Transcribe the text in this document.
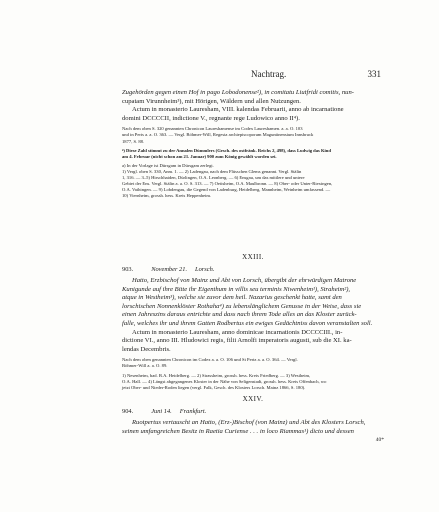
Nachtrag.	331

Zugehörden gegen einen Hof in pago Lobodonense²), in comitatu Liutfridi comitis, nun-

cupatam Virunnheim³), mit Hörigen, Wäldern und allen Nutzungen.

Actum in monasterio Lauresham, VIII. kalendas Februarii, anno ab incarnatione

domini DCCCCII, indictione V., regnante rege Ludowico anno II⁴).

Nach dem oben S. 320 genannten Chronicon Laureshamense im Codex Laureshamen. a. a. O. 103

und in Perts a. a. O. 363. — Vergl. Böhmer-Will, Regesta archiepiscoporum Maguntinensium Innsbruck

1877, S. 88.

⁴) Diese Zahl stimmt zu der Annalen Dümmlers (Gesch. des ostfränk. Reichs 2, 498), dass Ludwig das Kind

am 4. Februar (nicht schon am 21. Januar) 900 zum König gewählt worden sei.

a) In der Vorlage ist Dürsgam in Dürsgam zerlegt.

1) Vergl. oben S. 330, Anm. 1. — 2) Ladengau, nach dem Flüsschen Glems genannt. Vergl. Stälin

1, 316. — 3–5) Hirschhaiden, Dürlingen, O.A. Leonberg. — 6) Ensgau, um das mittlere und untere

Gebiet der Ens. Vergl. Stälin a. a. O. S. 313. — 7) Oetisheim, O.A. Maulbronn. — 8) Ober- oder Unter-Riexingen,

O.A. Vaihingen. — 9) Lobdengau, die Gegend von Ladenburg, Heidelberg, Mannheim, Weinheim umfassend. —

10) Viernheim, grossh. hess. Kreis Heppenheim.

XXIII.

903.	November 21. Lorsch.

Hatto, Erzbischof von Mainz und Abt von Lorsch, übergibt der ehrwürdigen Matrone

Kunigunde auf ihre Bitte ihr Eigenthum in villis seu terminis Niwenheim¹), Straheim²),

atque in Westheim³), welche sie zuvor dem heil. Nazarius geschenkt hatte, samt den

lorschischen Nonnenklöster Rothaha⁴) zu lebenslänglichem Genusse in der Weise, dass sie

einen Jahreszins daraus entrichte und dass nach ihrem Tode alles an das Kloster zurück-

falle, welches ihr und ihrem Gatten Rodbertus ein ewiges Gedächtniss davon veranstalten soll.

Actum in monasterio Lauresham, anno dominicae incarnationis DCCCCIII., in-

dictione VI., anno III. Hludowici regis, filii Arnolfi imperatoris augusti, sub die XI. ka-

lendas Decembris.

Nach dem oben genannten Chronicon im Codex a. a. O. 106 und St Pertz a. a. O. 364. — Vergl.

Böhmer-Will a. a. O. 89.

1) Nesenheim, bad. B.A. Heidelberg. — 2) Strassheim, grossh. hess. Kreis Friedberg. — 3) Westheim,

O.A. Hall. — 4) Längst abgegangenes Kloster in der Nähe von Seligenstadt, grossh. hess. Kreis Offenbach, wo

jetzt Ober- und Nieder-Roden liegen (vergl. Falk, Gesch. des Klosters Lorsch. Mainz 1866, S. 180).

XXIV.

904.	Juni 14. Frankfurt.

Ruotpertus vertauscht an Hatto, (Erz-)Bischof (von Mainz) und Abt des Klosters Lorsch,

seinen umfangreichen Besitz in Raetia Curiense . . . in loco Riammas¹) dicto und dessen

40*
